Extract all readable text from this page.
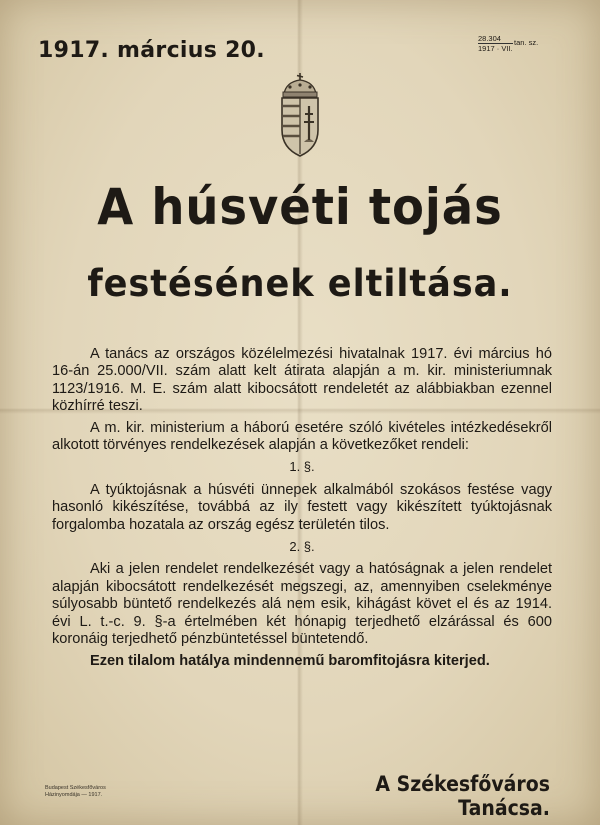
1917. március 20.	28.304
1917 · VII.
tan. sz.
A húsvéti tojás
festésének eltiltása.

A tanács az országos közélelmezési hivatalnak 1917. évi március hó 16-án 25.000/VII. szám alatt kelt átirata alapján a m. kir. ministeriumnak 1123/1916. M. E. szám alatt kibocsátott rendeletét az alábbiakban ezennel közhírré teszi.

A m. kir. ministerium a háború esetére szóló kivételes intézkedésekről alkotott törvényes rendelkezések alapján a következőket rendeli:

1. §.

A tyúktojásnak a húsvéti ünnepek alkalmából szokásos festése vagy hasonló kikészítése, továbbá az ily festett vagy kikészített tyúktojásnak forgalomba hozatala az ország egész területén tilos.

2. §.

Aki a jelen rendelet rendelkezését vagy a hatóságnak a jelen rendelet alapján kibocsátott rendelkezését megszegi, az, amennyiben cselekménye súlyosabb büntető rendelkezés alá nem esik, kihágást követ el és az 1914. évi L. t.-c. 9. §-a értelmében két hónapig terjedhető elzárással és 600 koronáig terjedhető pénzbüntetéssel büntetendő.

Ezen tilalom hatálya mindennemű baromfitojásra kiterjed.

Budapest Székesfőváros
Házinyomdája — 1917.	A Székesfőváros Tanácsa.
